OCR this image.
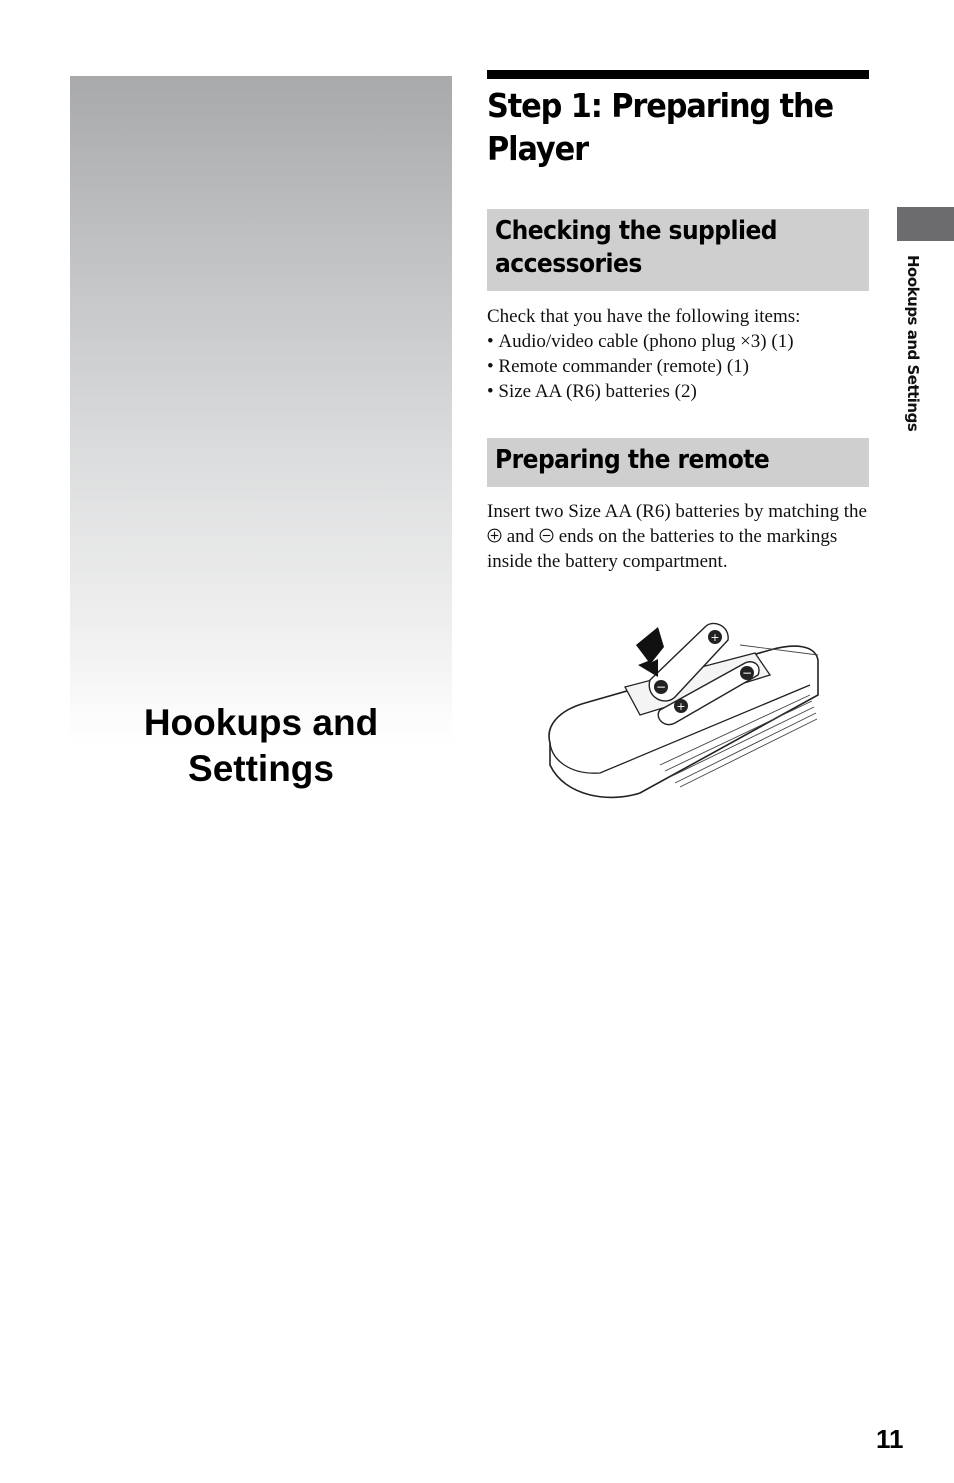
Hookups and
Settings
Step 1: Preparing the Player
Checking the supplied accessories
Check that you have the following items:
• Audio/video cable (phono plug ×3) (1)
• Remote commander (remote) (1)
• Size AA (R6) batteries (2)
Preparing the remote
Insert two Size AA (R6) batteries by matching the  and ends on the batteries to the markings inside the battery compartment.
+
−
+
−
Hookups and Settings
11
